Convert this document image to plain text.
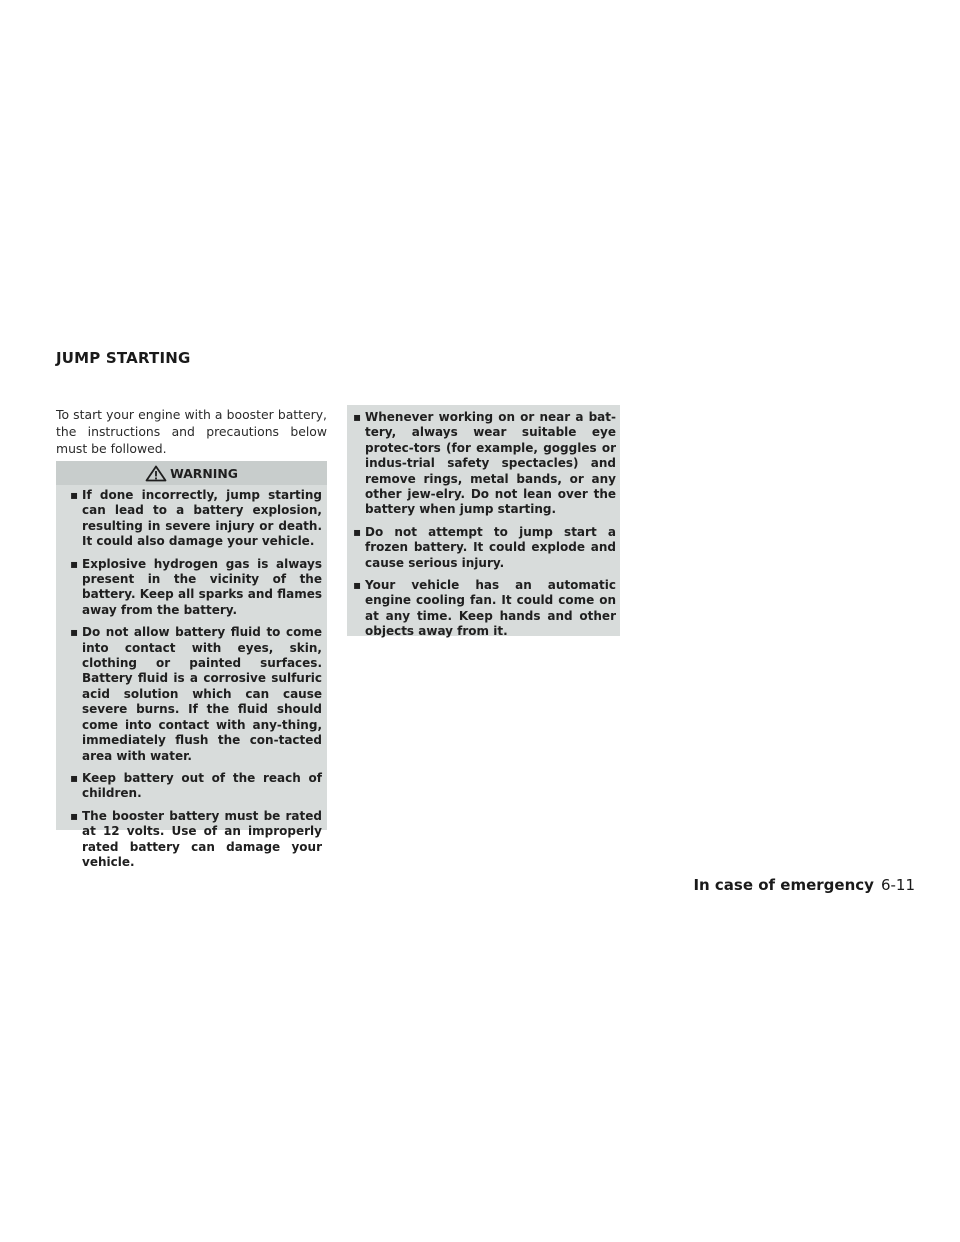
JUMP STARTING

To start your engine with a booster battery, the instructions and precautions below must be followed.

WARNING
▪ If done incorrectly, jump starting can lead to a battery explosion, resulting in severe injury or death. It could also damage your vehicle.
▪ Explosive hydrogen gas is always present in the vicinity of the battery. Keep all sparks and flames away from the battery.
▪ Do not allow battery fluid to come into contact with eyes, skin, clothing or painted surfaces. Battery fluid is a corrosive sulfuric acid solution which can cause severe burns. If the fluid should come into contact with any-thing, immediately flush the con-tacted area with water.
▪ Keep battery out of the reach of children.
▪ The booster battery must be rated at 12 volts. Use of an improperly rated battery can damage your vehicle.
▪ Whenever working on or near a bat-tery, always wear suitable eye protec-tors (for example, goggles or indus-trial safety spectacles) and remove rings, metal bands, or any other jew-elry. Do not lean over the battery when jump starting.
▪ Do not attempt to jump start a frozen battery. It could explode and cause serious injury.
▪ Your vehicle has an automatic engine cooling fan. It could come on at any time. Keep hands and other objects away from it.
In case of emergency 6-11
